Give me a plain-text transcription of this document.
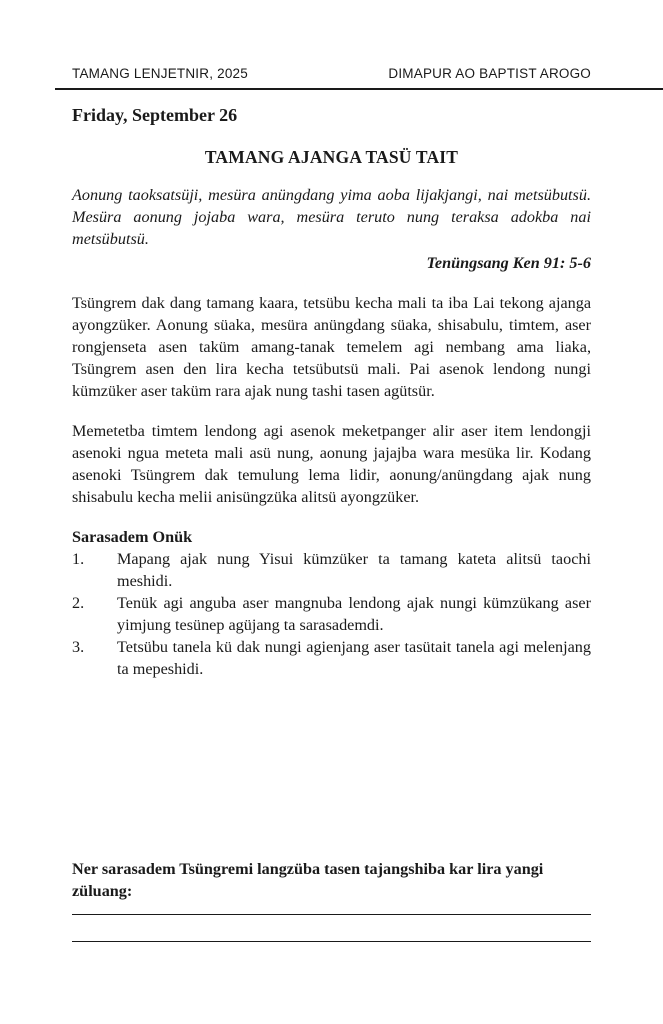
TAMANG LENJETNIR, 2025	DIMAPUR AO BAPTIST AROGO

Friday, September 26

TAMANG AJANGA TASÜ TAIT

Aonung taoksatsüji, mesüra anüngdang yima aoba lijakjangi, nai metsübutsü. Mesüra aonung jojaba wara, mesüra teruto nung teraksa adokba nai metsübutsü.

Tenüngsang Ken 91: 5-6

Tsüngrem dak dang tamang kaara, tetsübu kecha mali ta iba Lai tekong ajanga ayongzüker. Aonung süaka, mesüra anüngdang süaka, shisabulu, timtem, aser rongjenseta asen taküm amang-tanak temelem agi nembang ama liaka, Tsüngrem asen den lira kecha tetsübutsü mali. Pai asenok lendong nungi kümzüker aser taküm rara ajak nung tashi tasen agütsür.

Memetetba timtem lendong agi asenok meketpanger alir aser item lendongji asenoki ngua meteta mali asü nung, aonung jajajba wara mesüka lir. Kodang asenoki Tsüngrem dak temulung lema lidir, aonung/anüngdang ajak nung shisabulu kecha melii anisüngzüka alitsü ayongzüker.

Sarasadem Onük

1.	Mapang ajak nung Yisui kümzüker ta tamang kateta alitsü taochi meshidi.
2.	Tenük agi anguba aser mangnuba lendong ajak nungi kümzükang aser yimjung tesünep agüjang ta sarasademdi.
3.	Tetsübu tanela kü dak nungi agienjang aser tasütait tanela agi melenjang ta mepeshidi.
Ner sarasadem Tsüngremi langzüba tasen tajangshiba kar lira yangi züluang:
